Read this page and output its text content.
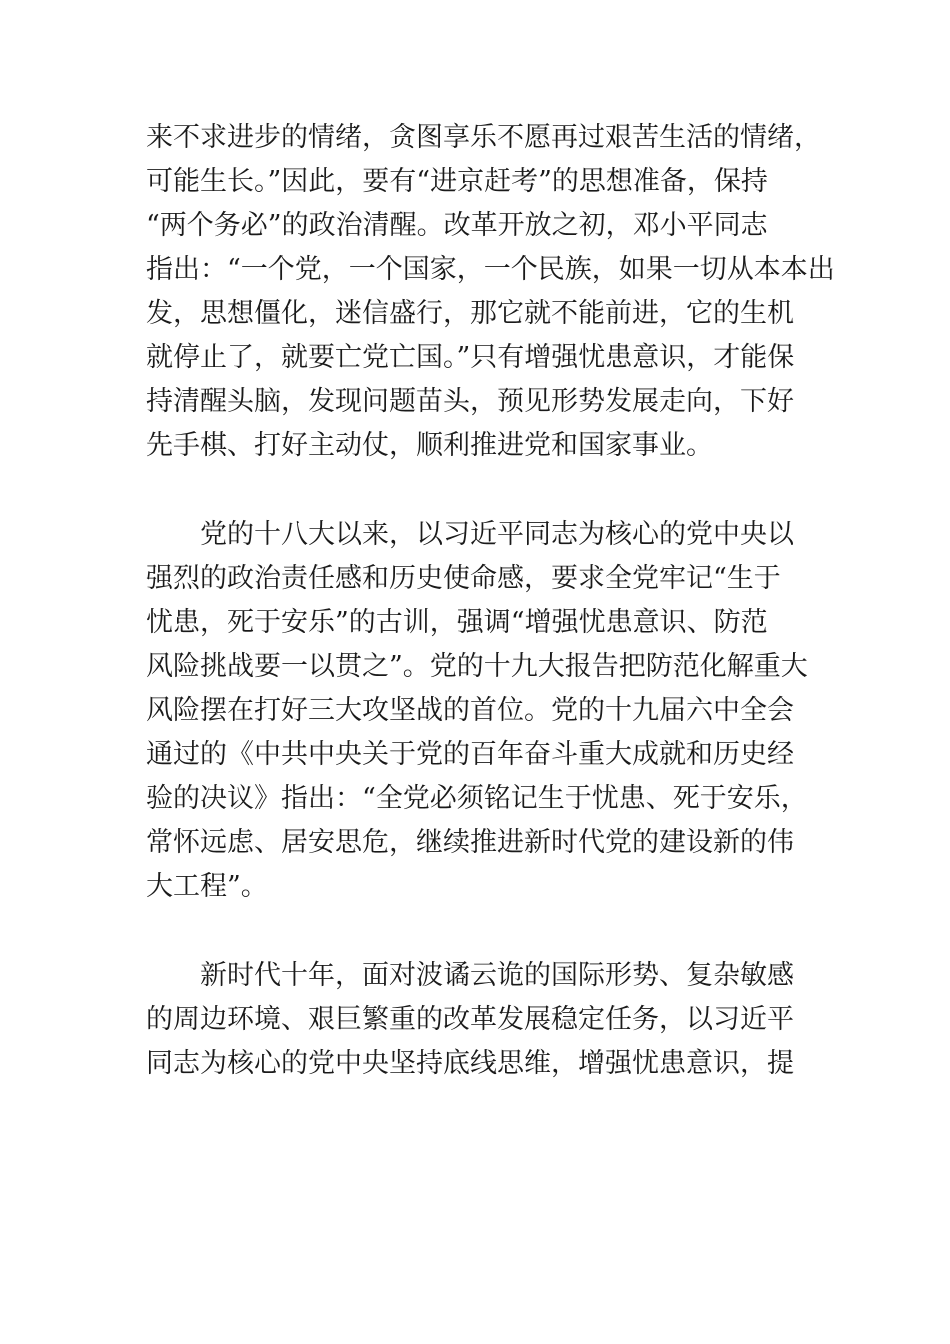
来不求进步的情绪，贪图享乐不愿再过艰苦生活的情绪，
可能生长。”因此，要有“进京赶考”的思想准备，保持
“两个务必”的政治清醒。改革开放之初，邓小平同志
指出：“一个党，一个国家，一个民族，如果一切从本本出
发，思想僵化，迷信盛行，那它就不能前进，它的生机
就停止了，就要亡党亡国。”只有增强忧患意识，才能保
持清醒头脑，发现问题苗头，预见形势发展走向，下好
先手棋、打好主动仗，顺利推进党和国家事业。
党的十八大以来，以习近平同志为核心的党中央以
强烈的政治责任感和历史使命感，要求全党牢记“生于
忧患，死于安乐”的古训，强调“增强忧患意识、防范
风险挑战要一以贯之”。党的十九大报告把防范化解重大
风险摆在打好三大攻坚战的首位。党的十九届六中全会
通过的《中共中央关于党的百年奋斗重大成就和历史经
验的决议》指出：“全党必须铭记生于忧患、死于安乐，
常怀远虑、居安思危，继续推进新时代党的建设新的伟
大工程”。
新时代十年，面对波谲云诡的国际形势、复杂敏感
的周边环境、艰巨繁重的改革发展稳定任务，以习近平
同志为核心的党中央坚持底线思维，增强忧患意识，提
